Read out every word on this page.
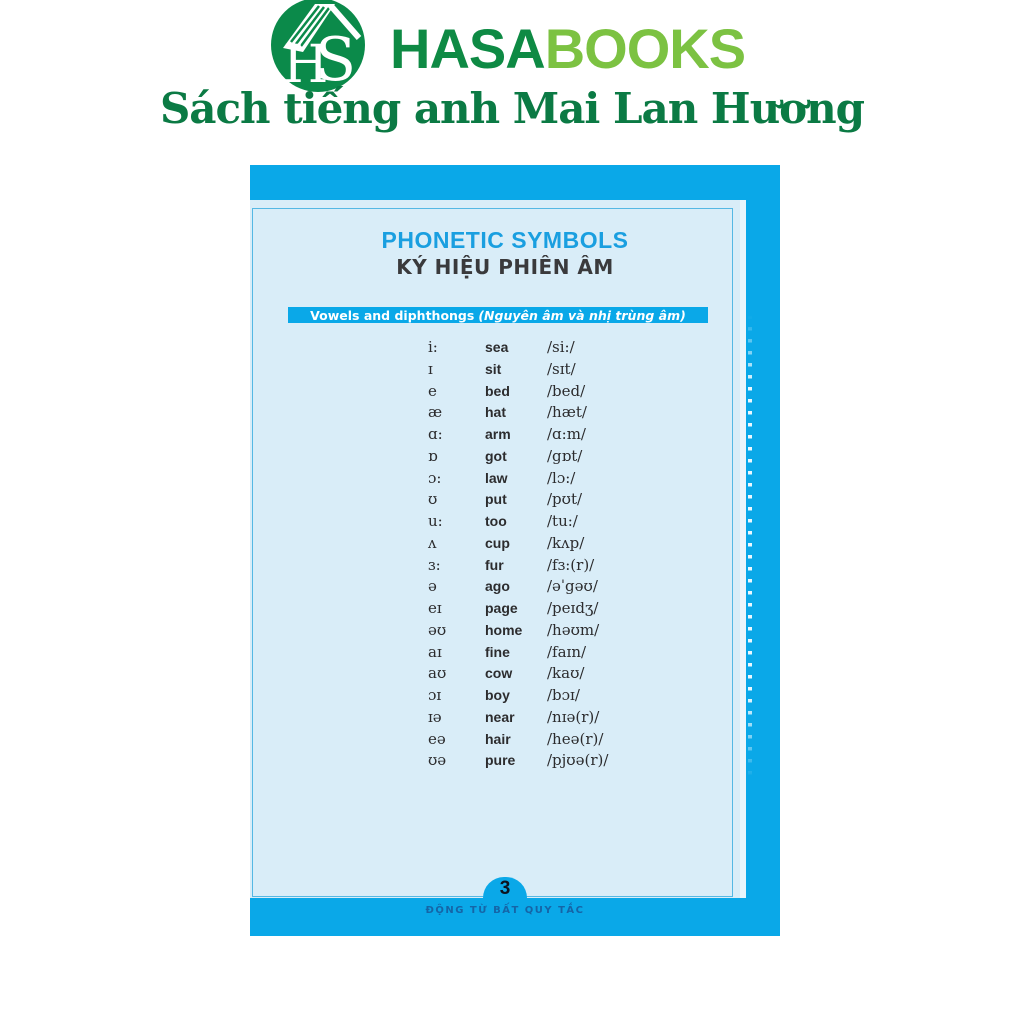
H
S HASA BOOKS
Sách tiếng anh Mai Lan Hương
PHONETIC SYMBOLS
KÝ HIỆU PHIÊN ÂM
Vowels and diphthongs (Nguyên âm và nhị trùng âm)
i:	sea	/si:/
ɪ	sit	/sɪt/
e	bed	/bed/
æ	hat	/hæt/
ɑ:	arm	/ɑ:m/
ɒ	got	/gɒt/
ɔ:	law	/lɔ:/
ʊ	put	/pʊt/
u:	too	/tu:/
ʌ	cup	/kʌp/
ɜ:	fur	/fɜ:(r)/
ə	ago	/əˈgəʊ/
eɪ	page	/peɪdʒ/
əʊ	home	/həʊm/
aɪ	fine	/faɪn/
aʊ	cow	/kaʊ/
ɔɪ	boy	/bɔɪ/
ɪə	near	/nɪə(r)/
eə	hair	/heə(r)/
ʊə	pure	/pjʊə(r)/
3
ĐỘNG TỪ BẤT QUY TẮC
